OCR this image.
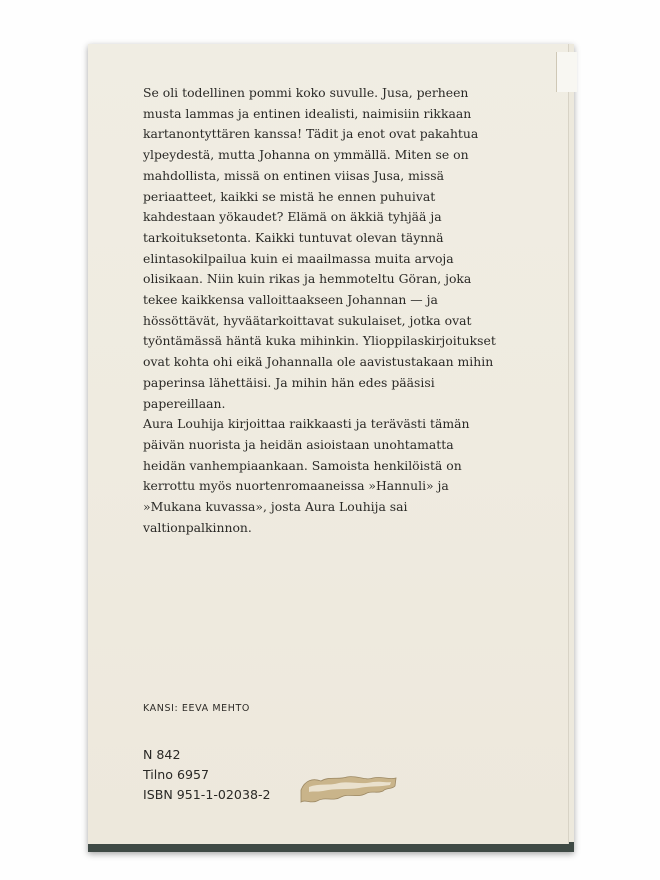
Se oli todellinen pommi koko suvulle. Jusa, perheen
musta lammas ja entinen idealisti, naimisiin rikkaan
kartanontyttären kanssa! Tädit ja enot ovat pakahtua
ylpeydestä, mutta Johanna on ymmällä. Miten se on
mahdollista, missä on entinen viisas Jusa, missä
periaatteet, kaikki se mistä he ennen puhuivat
kahdestaan yökaudet? Elämä on äkkiä tyhjää ja
tarkoituksetonta. Kaikki tuntuvat olevan täynnä
elintasokilpailua kuin ei maailmassa muita arvoja
olisikaan. Niin kuin rikas ja hemmoteltu Göran, joka
tekee kaikkensa valloittaakseen Johannan — ja
hössöttävät, hyväätarkoittavat sukulaiset, jotka ovat
työntämässä häntä kuka mihinkin. Ylioppilaskirjoitukset
ovat kohta ohi eikä Johannalla ole aavistustakaan mihin
paperinsa lähettäisi. Ja mihin hän edes pääsisi
papereillaan.
Aura Louhija kirjoittaa raikkaasti ja terävästi tämän
päivän nuorista ja heidän asioistaan unohtamatta
heidän vanhempiaankaan. Samoista henkilöistä on
kerrottu myös nuortenromaaneissa »Hannuli» ja
»Mukana kuvassa», josta Aura Louhija sai
valtionpalkinnon.
KANSI: EEVA MEHTO
N 842
Tilno 6957
ISBN 951-1-02038-2
